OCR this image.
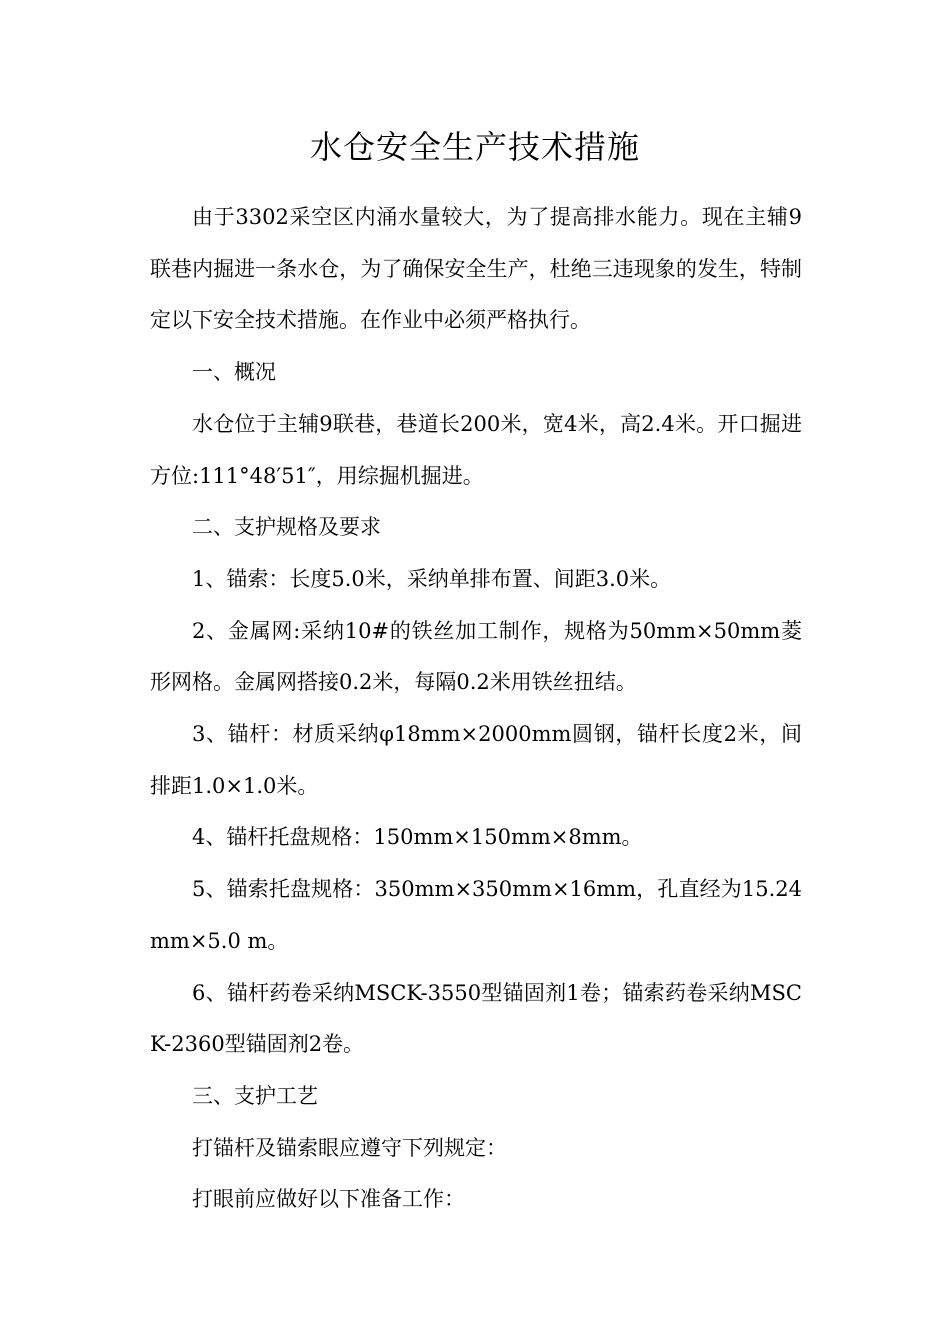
水仓安全生产技术措施

由于3302采空区内涌水量较大，为了提高排水能力。现在主辅9联巷内掘进一条水仓，为了确保安全生产，杜绝三违现象的发生，特制定以下安全技术措施。在作业中必须严格执行。

一、概况

水仓位于主辅9联巷，巷道长200米，宽4米，高2.4米。开口掘进方位:111°48′51″，用综掘机掘进。

二、支护规格及要求

1、锚索：长度5.0米，采纳单排布置、间距3.0米。

2、金属网:采纳10#的铁丝加工制作，规格为50mm×50mm菱形网格。金属网搭接0.2米，每隔0.2米用铁丝扭结。

3、锚杆：材质采纳φ18mm×2000mm圆钢，锚杆长度2米，间排距1.0×1.0米。

4、锚杆托盘规格：150mm×150mm×8mm。

5、锚索托盘规格：350mm×350mm×16mm，孔直经为15.24mm×5.0 m。

6、锚杆药卷采纳MSCK-3550型锚固剂1卷；锚索药卷采纳MSCK-2360型锚固剂2卷。

三、支护工艺

打锚杆及锚索眼应遵守下列规定：

打眼前应做好以下准备工作：
